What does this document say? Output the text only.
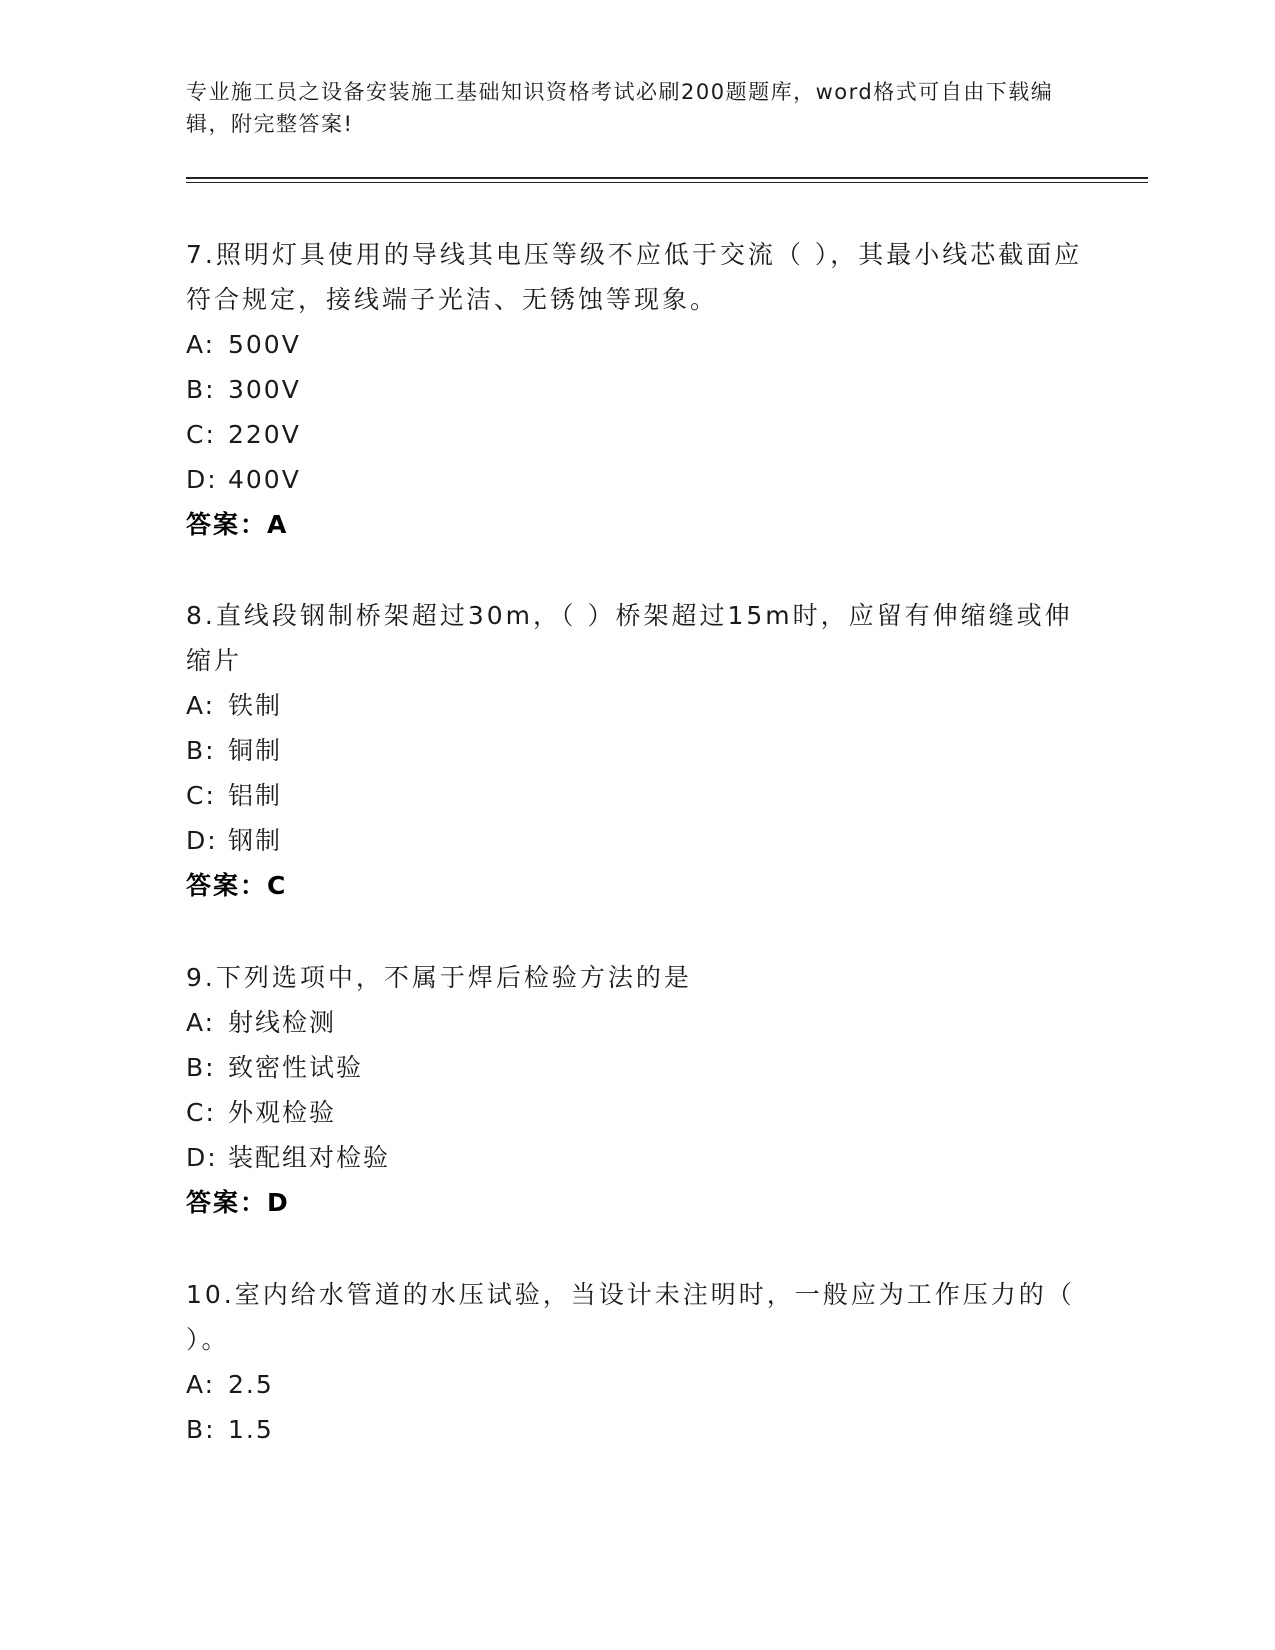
专业施工员之设备安装施工基础知识资格考试必刷200题题库，word格式可自由下载编辑，附完整答案!

7.照明灯具使用的导线其电压等级不应低于交流（ ），其最小线芯截面应符合规定，接线端子光洁、无锈蚀等现象。

A: 500V
B: 300V
C: 220V
D: 400V
答案：A

8.直线段钢制桥架超过30m，（ ）桥架超过15m时，应留有伸缩缝或伸缩片

A: 铁制
B: 铜制
C: 铝制
D: 钢制
答案：C

9.下列选项中，不属于焊后检验方法的是

A: 射线检测
B: 致密性试验
C: 外观检验
D: 装配组对检验
答案：D

10.室内给水管道的水压试验，当设计未注明时，一般应为工作压力的（ ）。

A: 2.5
B: 1.5
